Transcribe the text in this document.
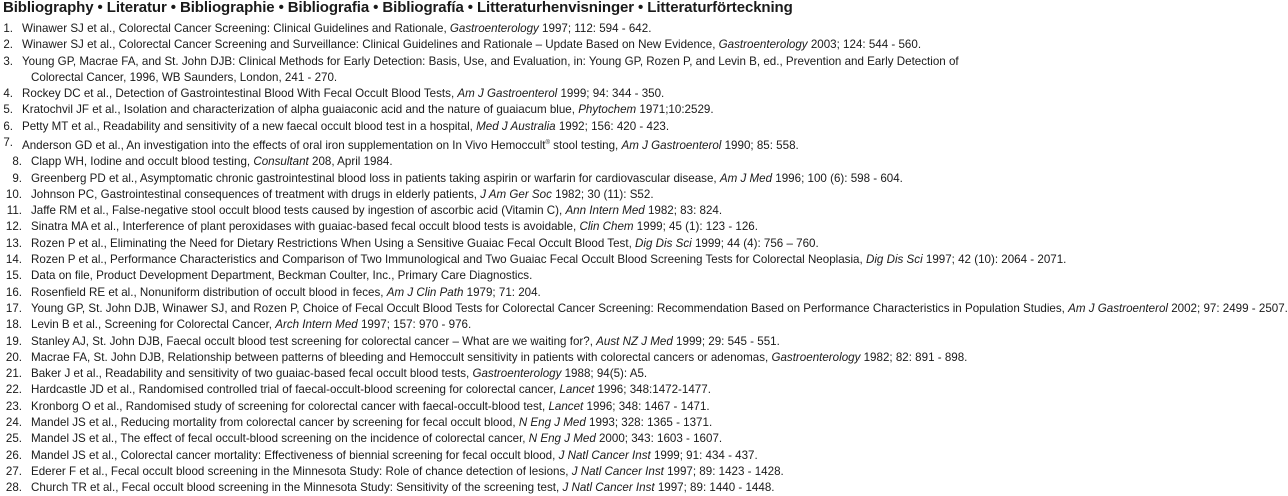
Bibliography • Literatur • Bibliographie • Bibliografia • Bibliografía • Litteraturhenvisninger • Litteraturförteckning
1. Winawer SJ et al., Colorectal Cancer Screening: Clinical Guidelines and Rationale, Gastroenterology 1997; 112: 594 - 642.
2. Winawer SJ et al., Colorectal Cancer Screening and Surveillance: Clinical Guidelines and Rationale – Update Based on New Evidence, Gastroenterology 2003; 124: 544 - 560.
3. Young GP, Macrae FA, and St. John DJB: Clinical Methods for Early Detection: Basis, Use, and Evaluation, in: Young GP, Rozen P, and Levin B, ed., Prevention and Early Detection of Colorectal Cancer, 1996, WB Saunders, London, 241 - 270.
4. Rockey DC et al., Detection of Gastrointestinal Blood With Fecal Occult Blood Tests, Am J Gastroenterol 1999; 94: 344 - 350.
5. Kratochvil JF et al., Isolation and characterization of alpha guaiaconic acid and the nature of guaiacum blue, Phytochem 1971;10:2529.
6. Petty MT et al., Readability and sensitivity of a new faecal occult blood test in a hospital, Med J Australia 1992; 156: 420 - 423.
7. Anderson GD et al., An investigation into the effects of oral iron supplementation on In Vivo Hemoccult® stool testing, Am J Gastroenterol 1990; 85: 558.
8. Clapp WH, Iodine and occult blood testing, Consultant 208, April 1984.
9. Greenberg PD et al., Asymptomatic chronic gastrointestinal blood loss in patients taking aspirin or warfarin for cardiovascular disease, Am J Med 1996; 100 (6): 598 - 604.
10. Johnson PC, Gastrointestinal consequences of treatment with drugs in elderly patients, J Am Ger Soc 1982; 30 (11): S52.
11. Jaffe RM et al., False-negative stool occult blood tests caused by ingestion of ascorbic acid (Vitamin C), Ann Intern Med 1982; 83: 824.
12. Sinatra MA et al., Interference of plant peroxidases with guaiac-based fecal occult blood tests is avoidable, Clin Chem 1999; 45 (1): 123 - 126.
13. Rozen P et al., Eliminating the Need for Dietary Restrictions When Using a Sensitive Guaiac Fecal Occult Blood Test, Dig Dis Sci 1999; 44 (4): 756 – 760.
14. Rozen P et al., Performance Characteristics and Comparison of Two Immunological and Two Guaiac Fecal Occult Blood Screening Tests for Colorectal Neoplasia, Dig Dis Sci 1997; 42 (10): 2064 - 2071.
15. Data on file, Product Development Department, Beckman Coulter, Inc., Primary Care Diagnostics.
16. Rosenfield RE et al., Nonuniform distribution of occult blood in feces, Am J Clin Path 1979; 71: 204.
17. Young GP, St. John DJB, Winawer SJ, and Rozen P, Choice of Fecal Occult Blood Tests for Colorectal Cancer Screening: Recommendation Based on Performance Characteristics in Population Studies, Am J Gastroenterol 2002; 97: 2499 - 2507.
18. Levin B et al., Screening for Colorectal Cancer, Arch Intern Med 1997; 157: 970 - 976.
19. Stanley AJ, St. John DJB, Faecal occult blood test screening for colorectal cancer – What are we waiting for?, Aust NZ J Med 1999; 29: 545 - 551.
20. Macrae FA, St. John DJB, Relationship between patterns of bleeding and Hemoccult sensitivity in patients with colorectal cancers or adenomas, Gastroenterology 1982; 82: 891 - 898.
21. Baker J et al., Readability and sensitivity of two guaiac-based fecal occult blood tests, Gastroenterology 1988; 94(5): A5.
22. Hardcastle JD et al., Randomised controlled trial of faecal-occult-blood screening for colorectal cancer, Lancet 1996; 348:1472-1477.
23. Kronborg O et al., Randomised study of screening for colorectal cancer with faecal-occult-blood test, Lancet 1996; 348: 1467 - 1471.
24. Mandel JS et al., Reducing mortality from colorectal cancer by screening for fecal occult blood, N Eng J Med 1993; 328: 1365 - 1371.
25. Mandel JS et al., The effect of fecal occult-blood screening on the incidence of colorectal cancer, N Eng J Med 2000; 343: 1603 - 1607.
26. Mandel JS et al., Colorectal cancer mortality: Effectiveness of biennial screening for fecal occult blood, J Natl Cancer Inst 1999; 91: 434 - 437.
27. Ederer F et al., Fecal occult blood screening in the Minnesota Study: Role of chance detection of lesions, J Natl Cancer Inst 1997; 89: 1423 - 1428.
28. Church TR et al., Fecal occult blood screening in the Minnesota Study: Sensitivity of the screening test, J Natl Cancer Inst 1997; 89: 1440 - 1448.
